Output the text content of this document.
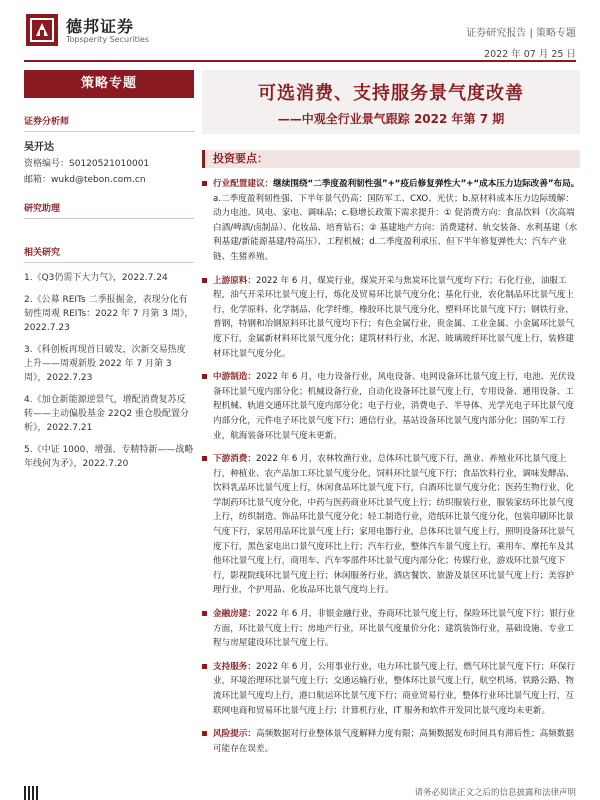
德邦证券
Topsperity Securities
证券研究报告 | 策略专题
2022 年 07 月 25 日
策略专题
证券分析师
吴开达
资格编号：S0120521010001
邮箱：wukd@tebon.com.cn
研究助理
相关研究
1.《Q3仍需下大力气》，2022.7.24
2.《公募 REITs 二季报掘金，表现分化有韧性周观 REITs：2022 年 7 月第 3 周》，2022.7.23
3.《科创板再现首日破发，次新交易热度上升——周观新股 2022 年 7 月第 3 周》，2022.7.23
4.《加仓新能源逆景气，增配消费复苏反转——主动偏股基金 22Q2 重仓股配置分析》，2022.7.21
5.《中证 1000、增强、专精特新——战略年线何为矛》，2022.7.20
可选消费、支持服务景气度改善
——中观全行业景气跟踪 2022 年第 7 期
投资要点：
行业配置建议：继续围绕“二季度盈利韧性强”+“疫后修复弹性大”+“成本压力边际改善”布局。a.二季度盈利韧性强、下半年景气仍高：国防军工、CXO、光伏；b.原材料成本压力边际缓解：动力电池、风电、家电、调味品；c.稳增长政策下需求提升：① 促消费方向：食品饮料（次高端白酒/啤酒/卤制品）、化妆品、培育钻石；② 基建地产方向：消费建材、轨交装备、水利基建（水利基建/新能源基建/特高压）、工程机械；d.二季度盈利承压、但下半年修复弹性大：汽车产业链、生猪养殖。
上游原料：2022 年 6 月，煤炭行业，煤炭开采与焦炭环比景气度均下行；石化行业，油服工程，油气开采环比景气度上行，炼化及贸易环比景气度分化；基化行业，农化制品环比景气度上行，化学原料、化学制品、化学纤维，橡胶环比景气度分化，塑料环比景气度下行；钢铁行业，普钢，特钢和冶钢原料环比景气度均下行；有色金属行业，贵金属、工业金属、小金属环比景气度下行，金属新材料环比景气度分化；建筑材料行业，水泥、玻璃玻纤环比景气度上行，装修建材环比景气度分化。
中游制造：2022 年 6 月，电力设备行业，风电设备、电网设备环比景气度上行，电池、光伏设备环比景气度内部分化；机械设备行业，自动化设备环比景气度上行，专用设备、通用设备、工程机械、轨道交通环比景气度内部分化；电子行业，消费电子、半导体、光学光电子环比景气度内部分化，元件电子环比景气度下行；通信行业，基站设备环比景气度内部分化；国防军工行业，航海装备环比景气度未更新。
下游消费：2022 年 6 月，农林牧渔行业，总体环比景气度下行，渔业、养殖业环比景气度上行，种植业、农产品加工环比景气度分化，饲料环比景气度下行；食品饮料行业，调味发酵品、饮料乳品环比景气度上行，休闲食品环比景气度下行，白酒环比景气度分化；医药生物行业，化学制药环比景气度分化，中药与医药商业环比景气度上行；纺织服装行业，服装家纺环比景气度上行，纺织制造、饰品环比景气度分化；轻工制造行业，造纸环比景气度分化，包装印刷环比景气度下行，家居用品环比景气度上行；家用电器行业，总体环比景气度上行，照明设备环比景气度下行，黑色家电出口景气度环比上行；汽车行业，整体汽车景气度上行，乘用车、摩托车及其他环比景气度上行，商用车、汽车零部件环比景气度内部分化；传媒行业，游戏环比景气度下行，影视院线环比景气度上行；休闲服务行业，酒店餐饮、旅游及景区环比景气度上行；美容护理行业，个护用品、化妆品环比景气度均上行。
金融房建：2022 年 6 月，非银金融行业，券商环比景气度上行，保险环比景气度下行；银行业方面，环比景气度上行；房地产行业，环比景气度量价分化；建筑装饰行业，基础设施、专业工程与房屋建设环比景气度上行。
支持服务：2022 年 6 月，公用事业行业，电力环比景气度上行，燃气环比景气度下行；环保行业，环境治理环比景气度上行；交通运输行业，整体环比景气度上行，航空机场、铁路公路、物流环比景气度均上行，港口航运环比景气度下行；商业贸易行业，整体行业环比景气度上行，互联网电商和贸易环比景气度上行；计算机行业，IT 服务和软件开发同比景气度均未更新。
风险提示：高频数据对行业整体景气度解释力度有限；高频数据发布时间具有滞后性；高频数据可能存在误差。
请务必阅读正文之后的信息披露和法律声明
